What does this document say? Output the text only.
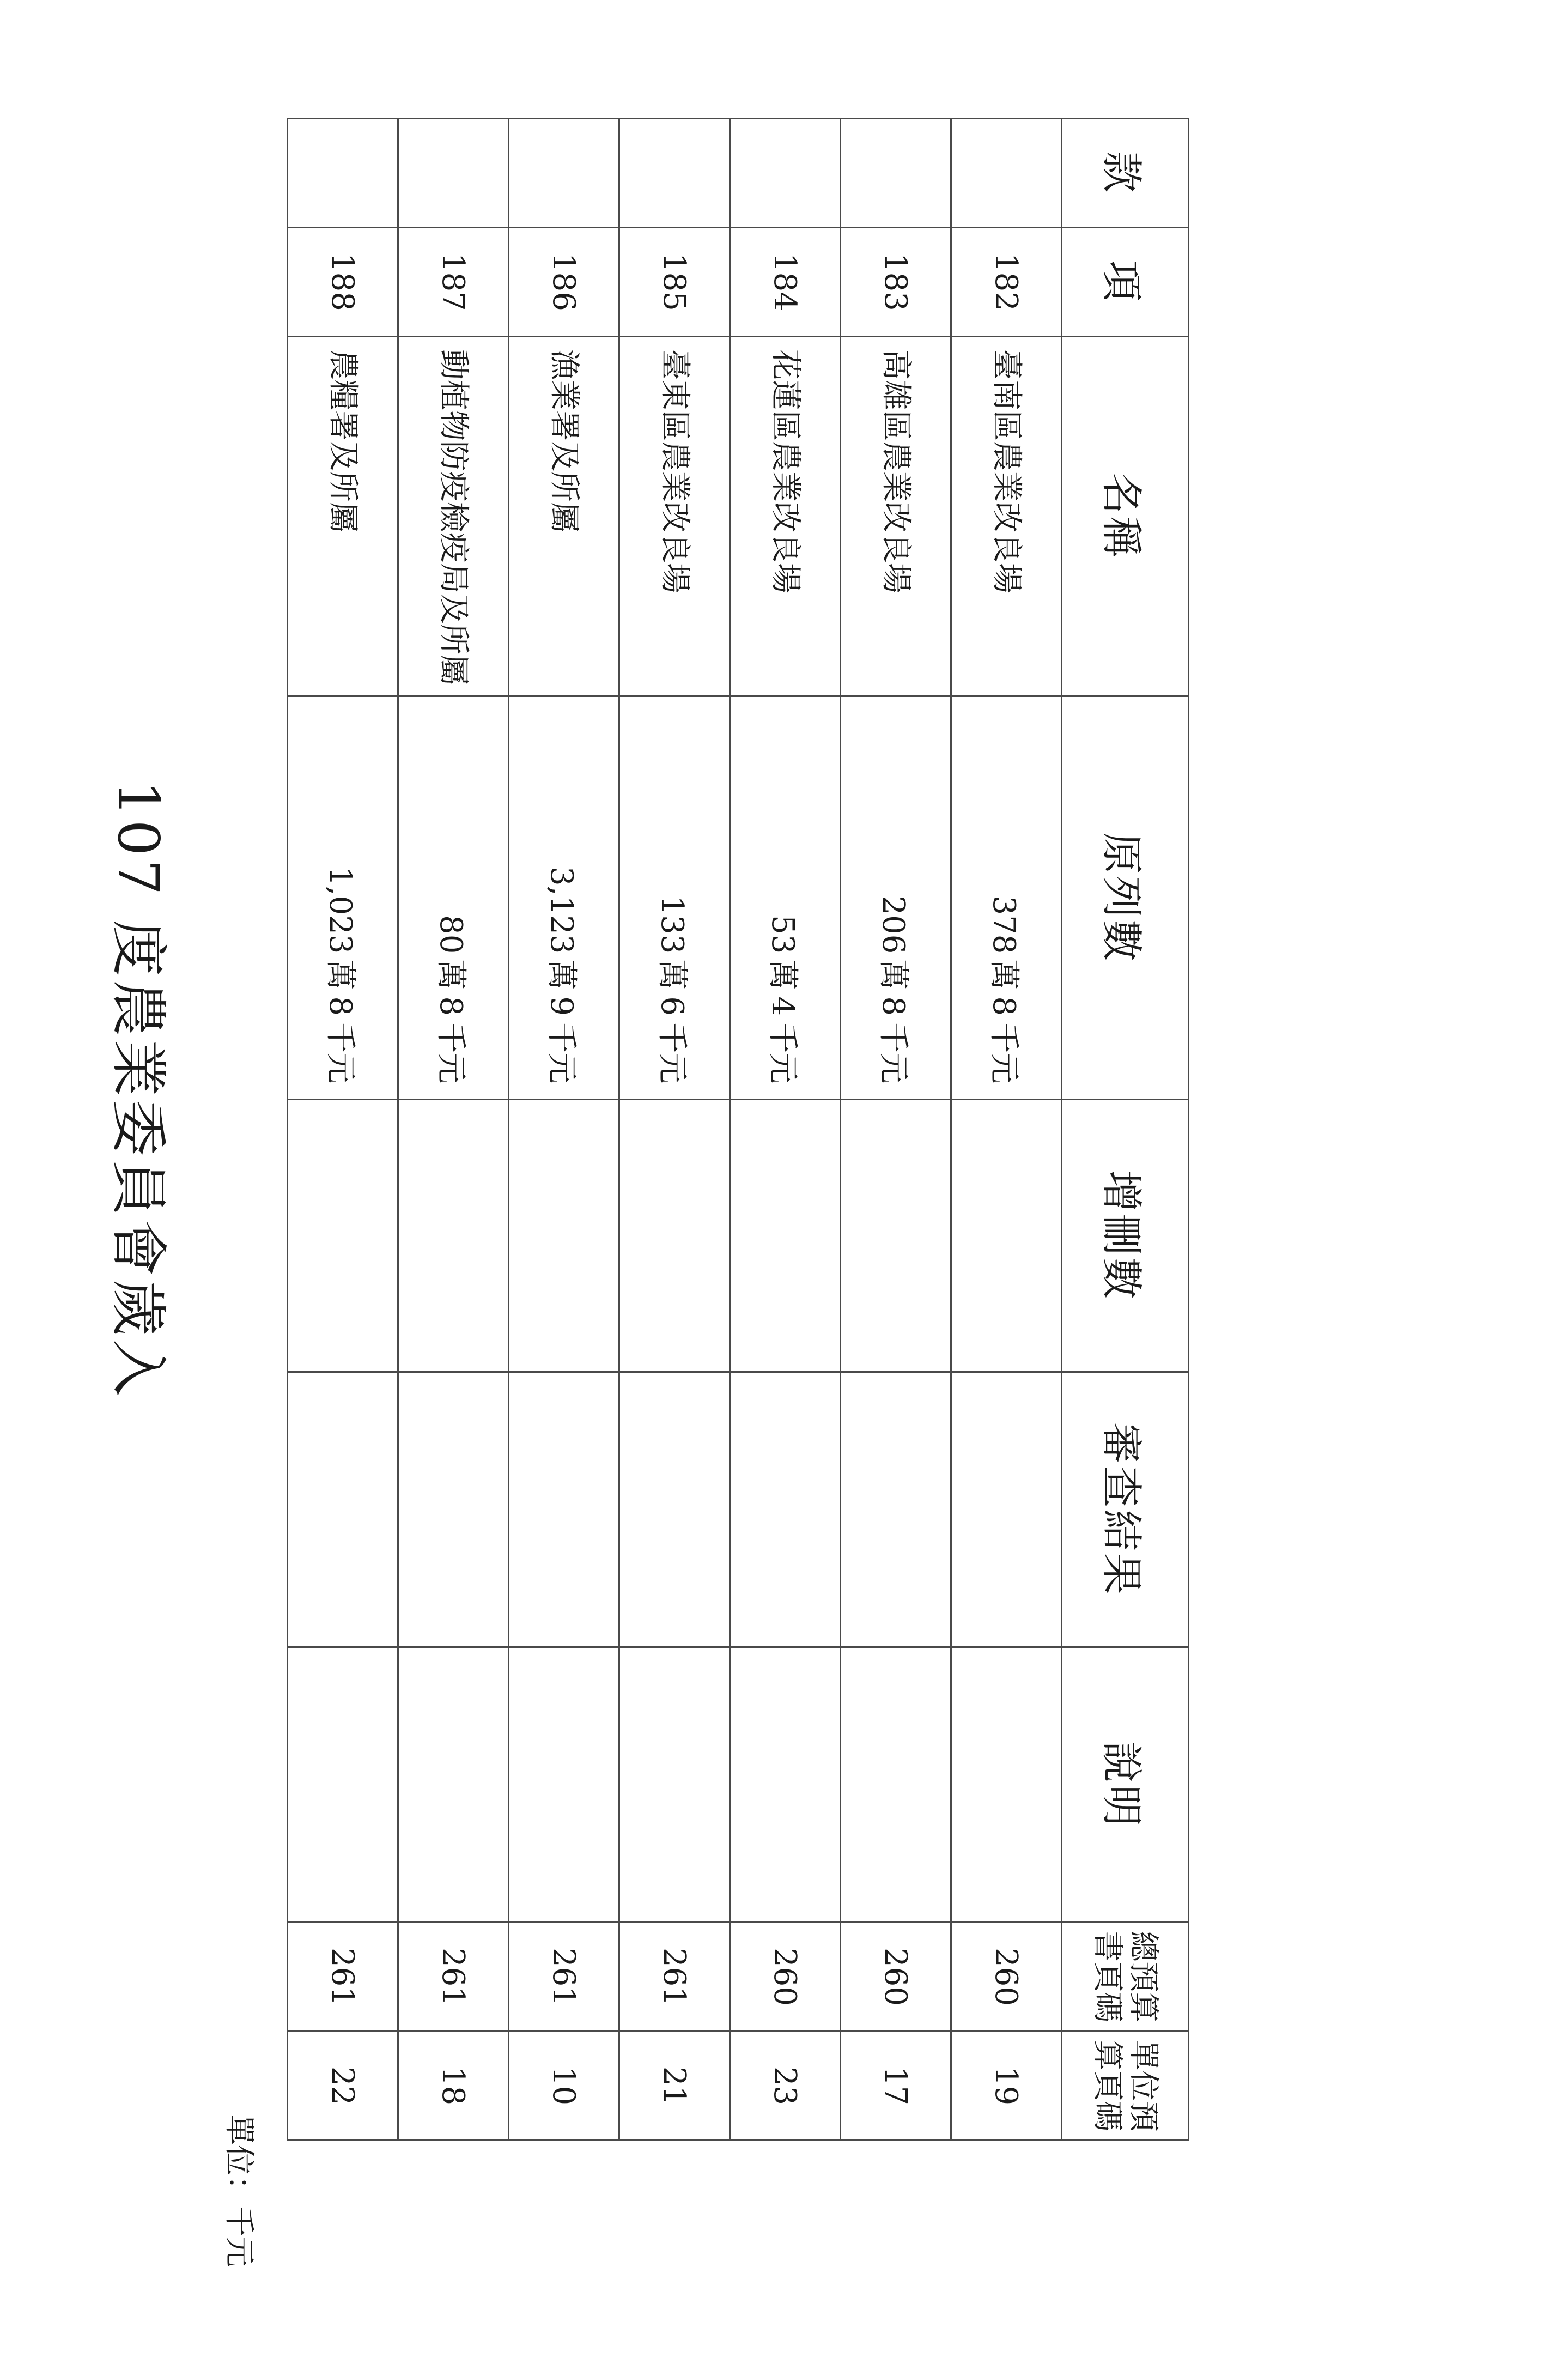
107 度農業委員會歲入
單位：千元
款	項	名稱	原列數	增刪數	審查結果	說明	總預算書頁碼	單位預算頁碼
	182	臺南區農業改良場	378萬8千元				260	19
	183	高雄區農業改良場	206萬8千元				260	17
	184	花蓮區農業改良場	53萬4千元				260	23
	185	臺東區農業改良場	133萬6千元				261	21
	186	漁業署及所屬	3,123萬9千元				261	10
	187	動植物防疫檢疫局及所屬	80萬8千元				261	18
	188	農糧署及所屬	1,023萬8千元				261	22
